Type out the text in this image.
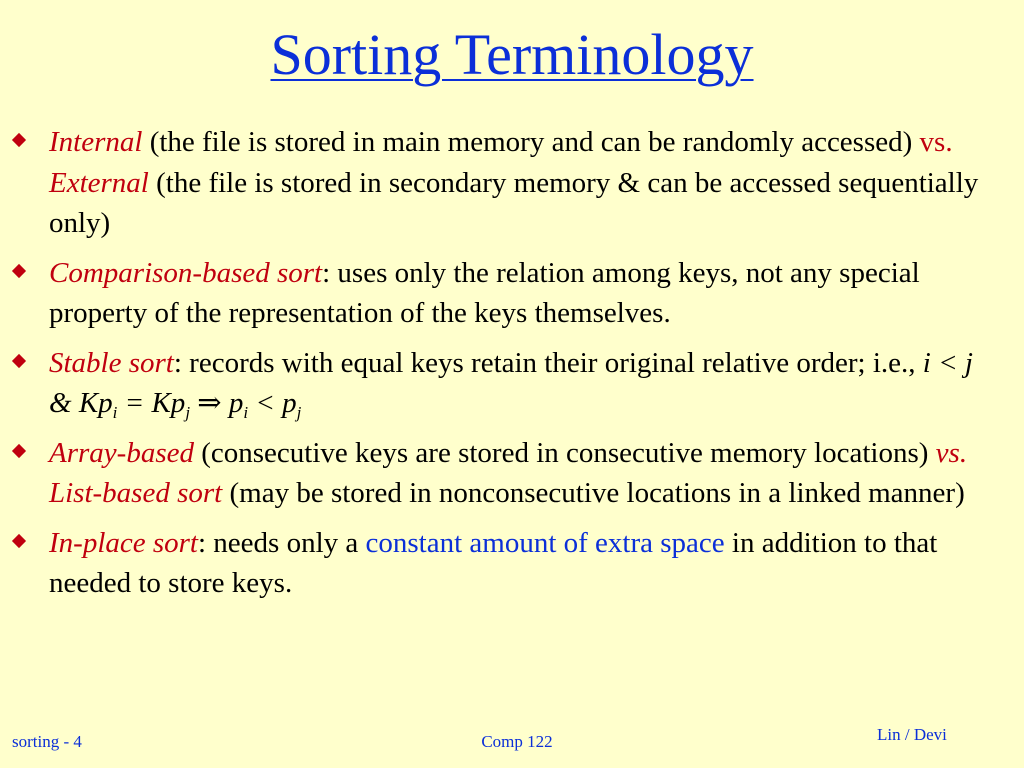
Sorting Terminology
Internal (the file is stored in main memory and can be randomly accessed) vs. External (the file is stored in secondary memory & can be accessed sequentially only)
Comparison-based sort: uses only the relation among keys, not any special property of the representation of the keys themselves.
Stable sort: records with equal keys retain their original relative order; i.e., i < j & $Kp_i = Kp_j$ ⇒ $p_i < p_j$
Array-based (consecutive keys are stored in consecutive memory locations) vs. List-based sort (may be stored in nonconsecutive locations in a linked manner)
In-place sort: needs only a constant amount of extra space in addition to that needed to store keys.
sorting - 4	Comp 122	Lin / Devi
